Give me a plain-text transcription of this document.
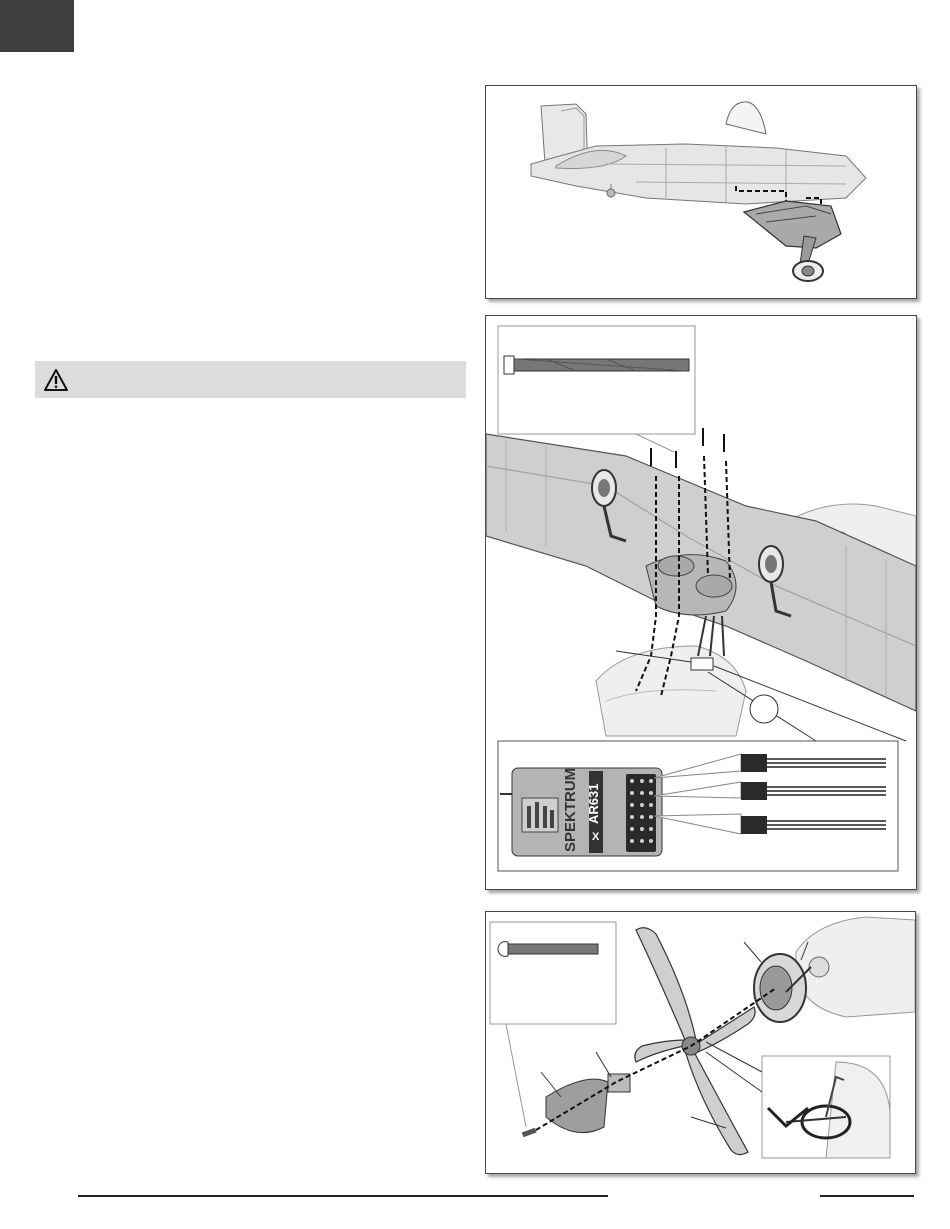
SPEKTRUM AR631
X
